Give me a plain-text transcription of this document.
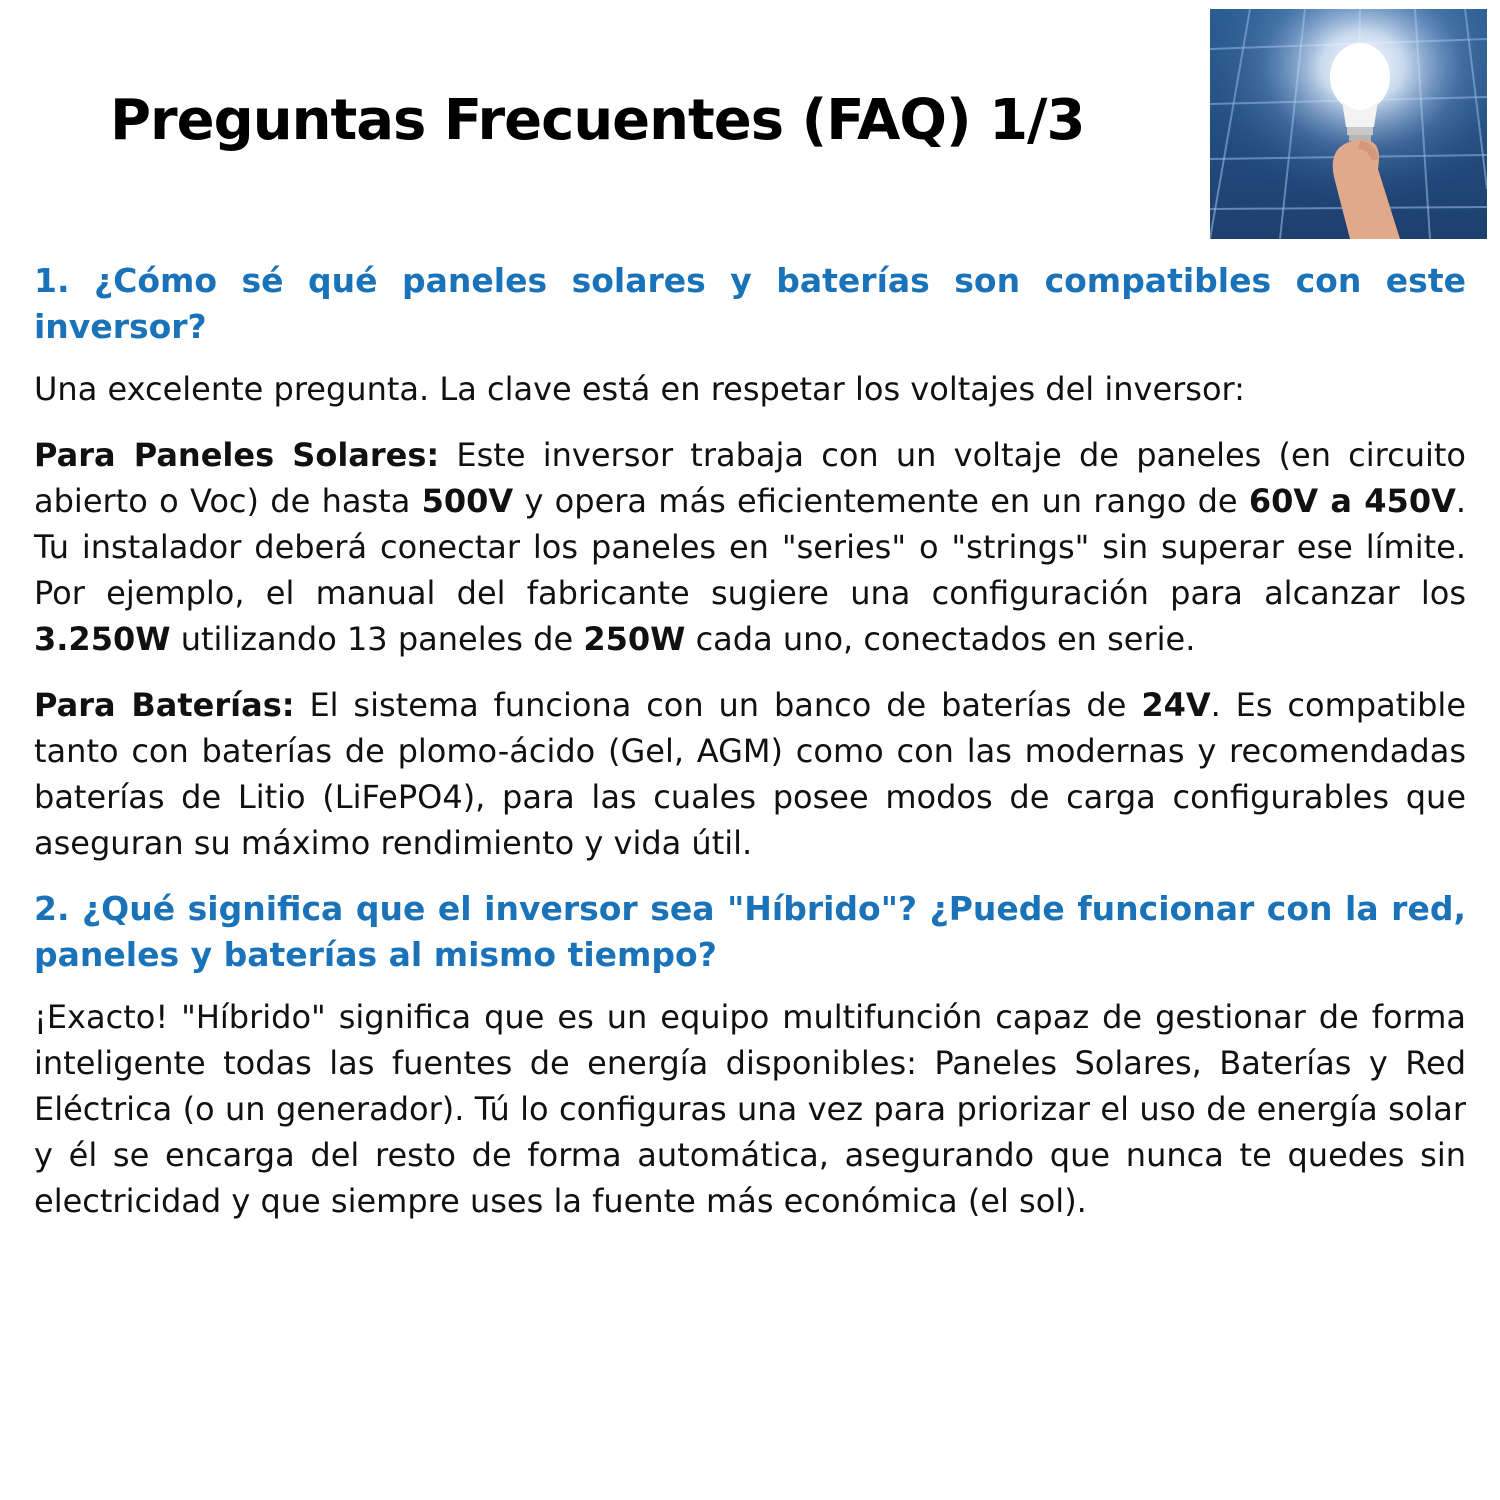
Preguntas Frecuentes (FAQ) 1/3

1. ¿Cómo sé qué paneles solares y baterías son compatibles con este inversor?

Una excelente pregunta. La clave está en respetar los voltajes del inversor:

Para Paneles Solares: Este inversor trabaja con un voltaje de paneles (en circuito abierto o Voc) de hasta 500V y opera más eficientemente en un rango de 60V a 450V. Tu instalador deberá conectar los paneles en "series" o "strings" sin superar ese límite. Por ejemplo, el manual del fabricante sugiere una configuración para alcanzar los 3.250W utilizando 13 paneles de 250W cada uno, conectados en serie.

Para Baterías: El sistema funciona con un banco de baterías de 24V. Es compatible tanto con baterías de plomo-ácido (Gel, AGM) como con las modernas y recomendadas baterías de Litio (LiFePO4), para las cuales posee modos de carga configurables que aseguran su máximo rendimiento y vida útil.

2. ¿Qué significa que el inversor sea "Híbrido"? ¿Puede funcionar con la red, paneles y baterías al mismo tiempo?

¡Exacto! "Híbrido" significa que es un equipo multifunción capaz de gestionar de forma inteligente todas las fuentes de energía disponibles: Paneles Solares, Baterías y Red Eléctrica (o un generador). Tú lo configuras una vez para priorizar el uso de energía solar y él se encarga del resto de forma automática, asegurando que nunca te quedes sin electricidad y que siempre uses la fuente más económica (el sol).
